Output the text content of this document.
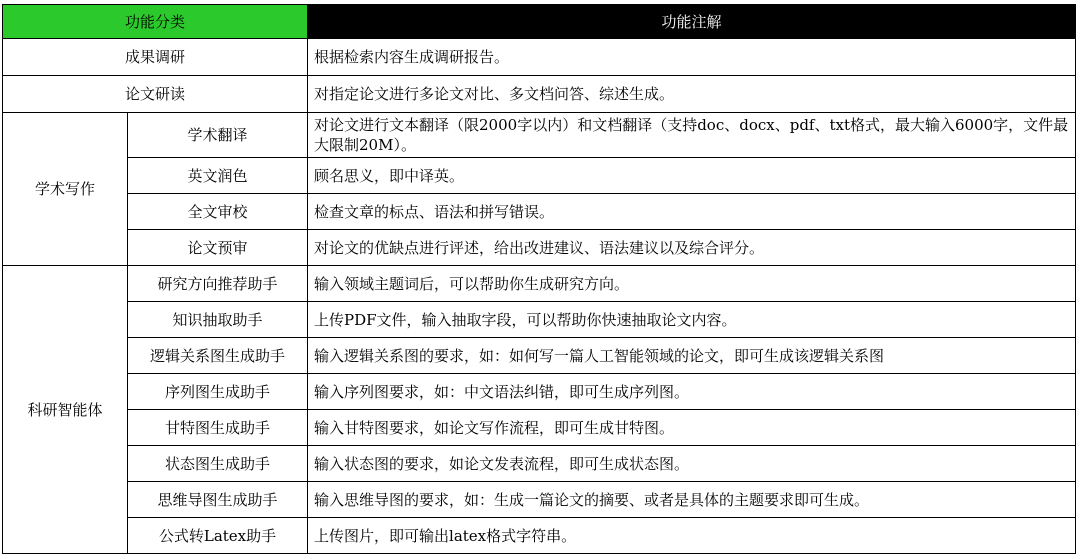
功能分类		功能注解
成果调研		根据检索内容生成调研报告。
论文研读		对指定论文进行多论文对比、多文档问答、综述生成。
学术写作	学术翻译	对论文进行文本翻译（限2000字以内）和文档翻译（支持doc、docx、pdf、txt格式，最大输入6000字，文件最大限制20M）。
	英文润色	顾名思义，即中译英。
	全文审校	检查文章的标点、语法和拼写错误。
	论文预审	对论文的优缺点进行评述，给出改进建议、语法建议以及综合评分。
科研智能体	研究方向推荐助手	输入领域主题词后，可以帮助你生成研究方向。
	知识抽取助手	上传PDF文件，输入抽取字段，可以帮助你快速抽取论文内容。
	逻辑关系图生成助手	输入逻辑关系图的要求，如：如何写一篇人工智能领域的论文，即可生成该逻辑关系图
	序列图生成助手	输入序列图要求，如：中文语法纠错，即可生成序列图。
	甘特图生成助手	输入甘特图要求，如论文写作流程，即可生成甘特图。
	状态图生成助手	输入状态图的要求，如论文发表流程，即可生成状态图。
	思维导图生成助手	输入思维导图的要求，如：生成一篇论文的摘要、或者是具体的主题要求即可生成。
	公式转Latex助手	上传图片，即可输出latex格式字符串。
